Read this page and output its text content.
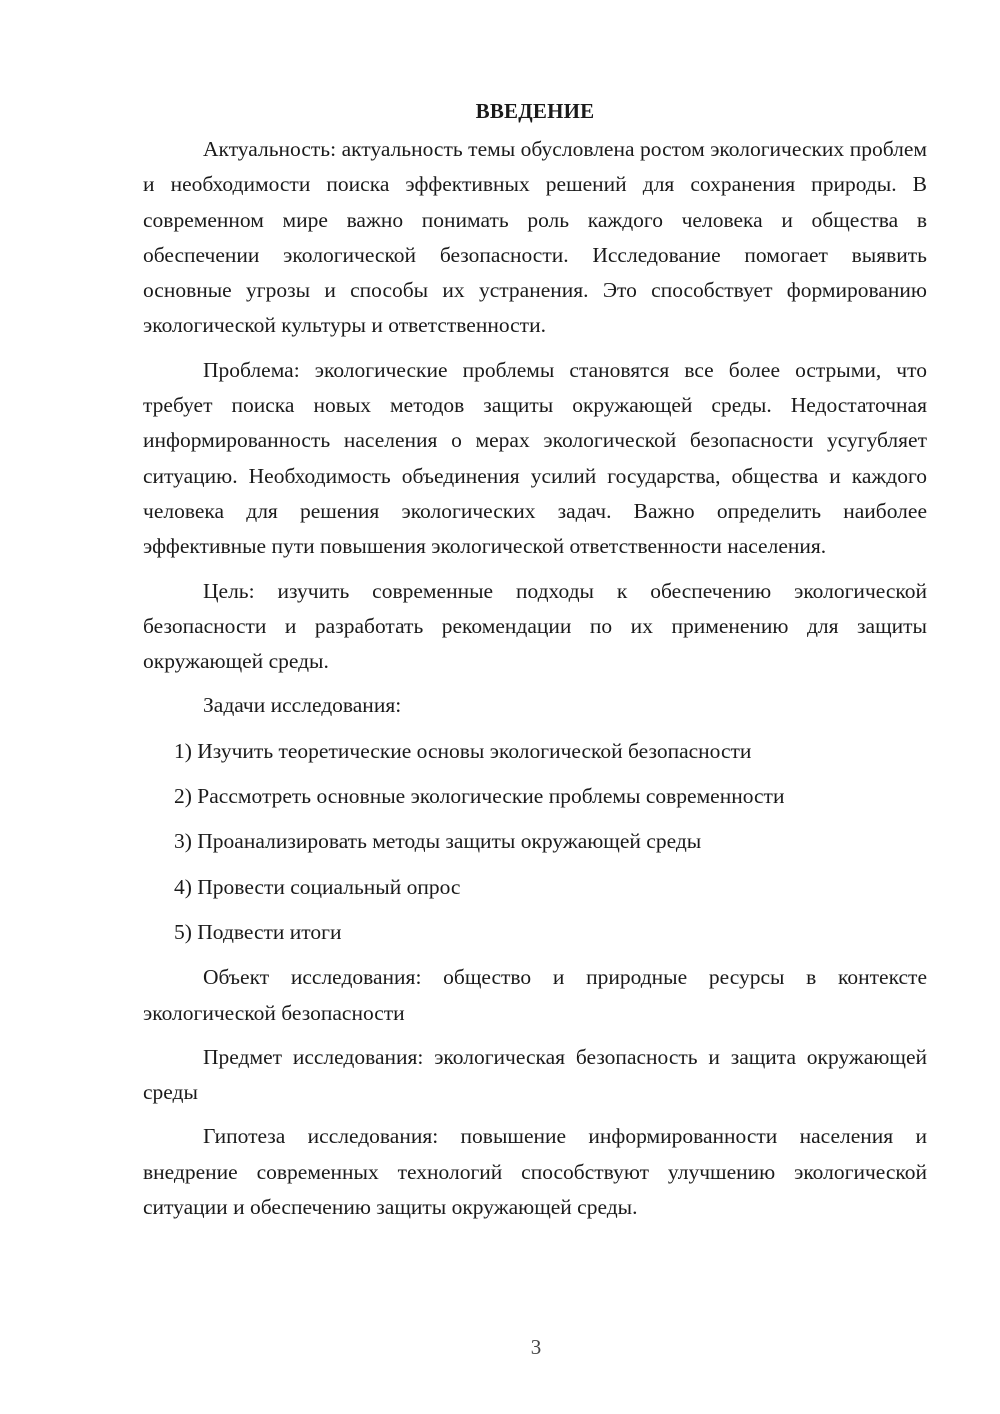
ВВЕДЕНИЕ

Актуальность: актуальность темы обусловлена ростом экологических проблем и необходимости поиска эффективных решений для сохранения природы. В современном мире важно понимать роль каждого человека и общества в обеспечении экологической безопасности. Исследование помогает выявить основные угрозы и способы их устранения. Это способствует формированию экологической культуры и ответственности.

Проблема: экологические проблемы становятся все более острыми, что требует поиска новых методов защиты окружающей среды. Недостаточная информированность населения о мерах экологической безопасности усугубляет ситуацию. Необходимость объединения усилий государства, общества и каждого человека для решения экологических задач. Важно определить наиболее эффективные пути повышения экологической ответственности населения.

Цель: изучить современные подходы к обеспечению экологической безопасности и разработать рекомендации по их применению для защиты окружающей среды.

Задачи исследования:

1) Изучить теоретические основы экологической безопасности
2) Рассмотреть основные экологические проблемы современности
3) Проанализировать методы защиты окружающей среды
4) Провести социальный опрос
5) Подвести итоги

Объект исследования: общество и природные ресурсы в контексте экологической безопасности

Предмет исследования: экологическая безопасность и защита окружающей среды

Гипотеза исследования: повышение информированности населения и внедрение современных технологий способствуют улучшению экологической ситуации и обеспечению защиты окружающей среды.

3
